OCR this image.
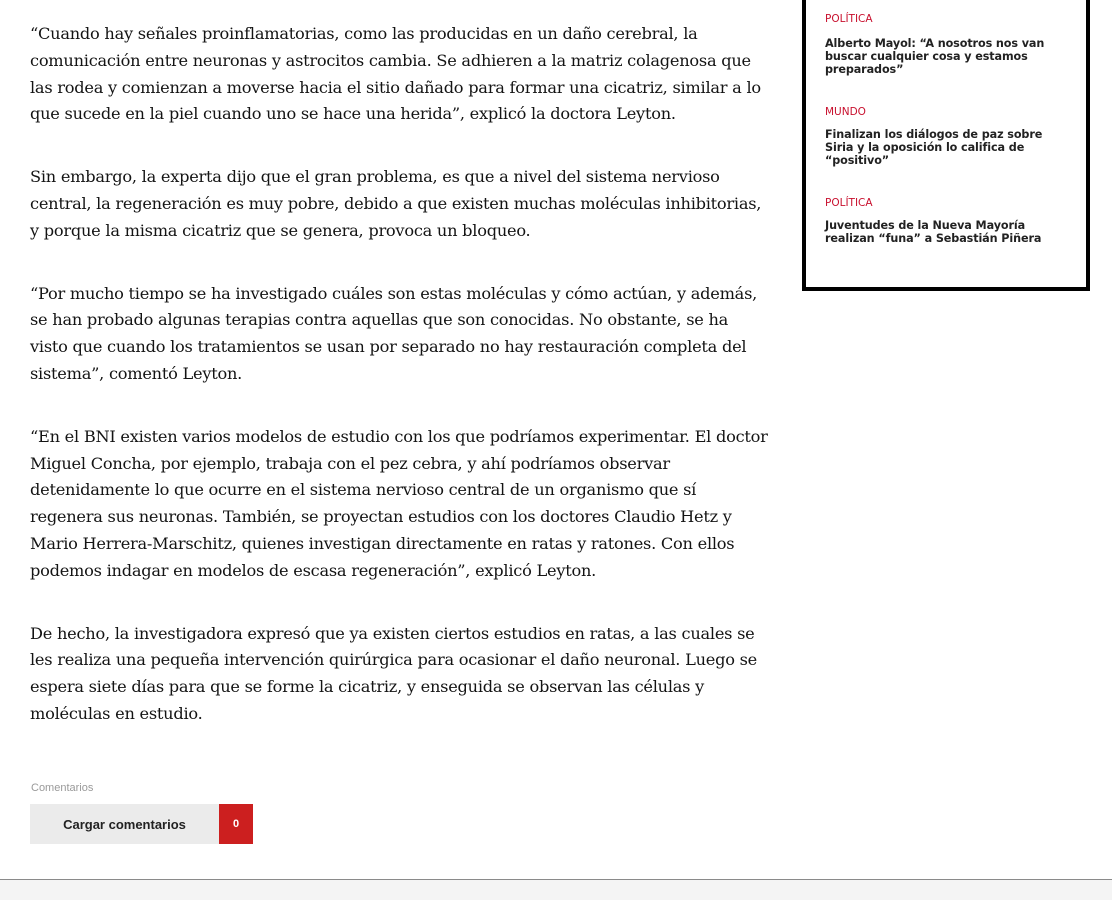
“Cuando hay señales proinflamatorias, como las producidas en un daño cerebral, la comunicación entre neuronas y astrocitos cambia. Se adhieren a la matriz colagenosa que las rodea y comienzan a moverse hacia el sitio dañado para formar una cicatriz, similar a lo que sucede en la piel cuando uno se hace una herida”, explicó la doctora Leyton.

Sin embargo, la experta dijo que el gran problema, es que a nivel del sistema nervioso central, la regeneración es muy pobre, debido a que existen muchas moléculas inhibitorias, y porque la misma cicatriz que se genera, provoca un bloqueo.

“Por mucho tiempo se ha investigado cuáles son estas moléculas y cómo actúan, y además, se han probado algunas terapias contra aquellas que son conocidas. No obstante, se ha visto que cuando los tratamientos se usan por separado no hay restauración completa del sistema”, comentó Leyton.

“En el BNI existen varios modelos de estudio con los que podríamos experimentar. El doctor Miguel Concha, por ejemplo, trabaja con el pez cebra, y ahí podríamos observar detenidamente lo que ocurre en el sistema nervioso central de un organismo que sí regenera sus neuronas. También, se proyectan estudios con los doctores Claudio Hetz y Mario Herrera-Marschitz, quienes investigan directamente en ratas y ratones. Con ellos podemos indagar en modelos de escasa regeneración”, explicó Leyton.

De hecho, la investigadora expresó que ya existen ciertos estudios en ratas, a las cuales se les realiza una pequeña intervención quirúrgica para ocasionar el daño neuronal. Luego se espera siete días para que se forme la cicatriz, y enseguida se observan las células y moléculas en estudio.

POLÍTICA
Alberto Mayol: “A nosotros nos van buscar cualquier cosa y estamos preparados”
MUNDO
Finalizan los diálogos de paz sobre Siria y la oposición lo califica de “positivo”
POLÍTICA
Juventudes de la Nueva Mayoría realizan “funa” a Sebastián Piñera
Comentarios
Cargar comentarios	0
